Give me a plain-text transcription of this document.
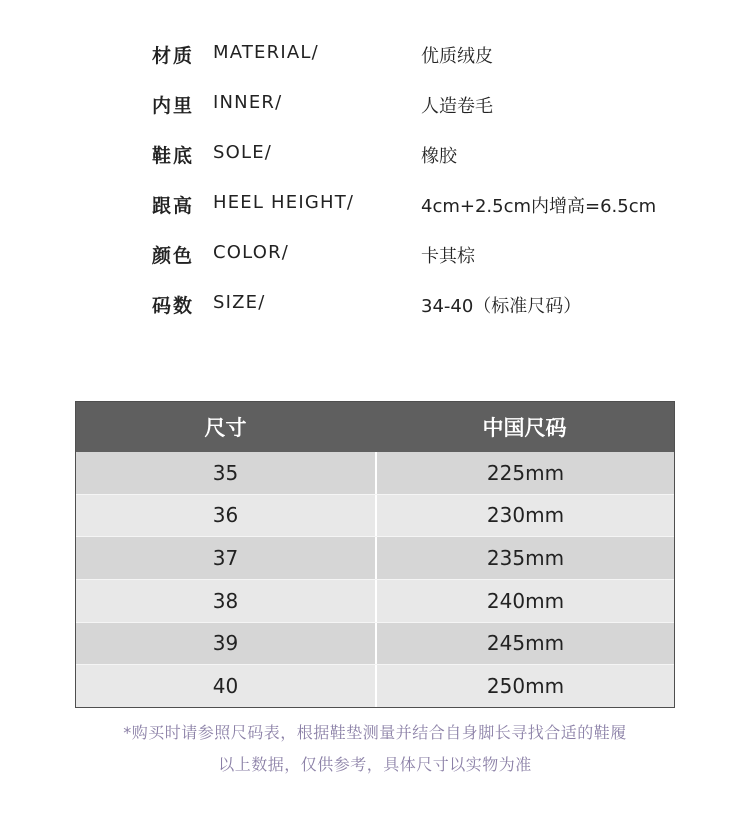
材质 MATERIAL/	优质绒皮
内里 INNER/	人造卷毛
鞋底 SOLE/	橡胶
跟高 HEEL HEIGHT/	4cm+2.5cm内增高=6.5cm
颜色 COLOR/	卡其棕
码数 SIZE/	34-40（标准尺码）
尺寸	中国尺码
35	225mm
36	230mm
37	235mm
38	240mm
39	245mm
40	250mm
*购买时请参照尺码表，根据鞋垫测量并结合自身脚长寻找合适的鞋履
以上数据，仅供参考，具体尺寸以实物为准
